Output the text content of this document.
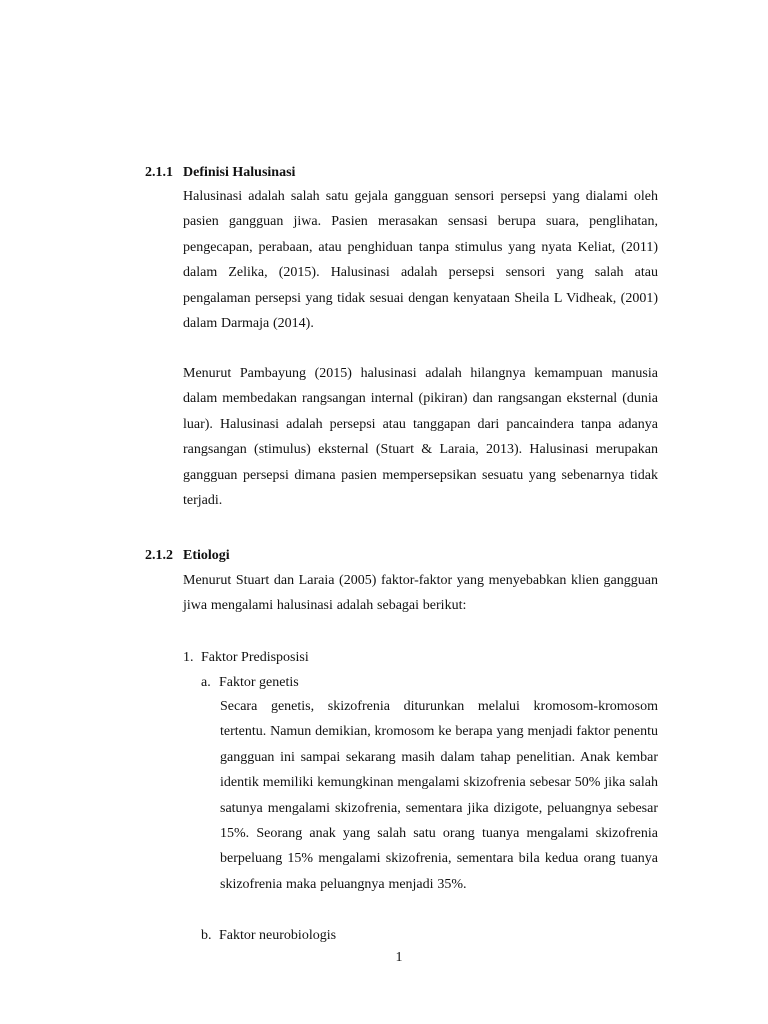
2.1.1 Definisi Halusinasi

Halusinasi adalah salah satu gejala gangguan sensori persepsi yang dialami oleh pasien gangguan jiwa. Pasien merasakan sensasi berupa suara, penglihatan, pengecapan, perabaan, atau penghiduan tanpa stimulus yang nyata Keliat, (2011) dalam Zelika, (2015). Halusinasi adalah persepsi sensori yang salah atau pengalaman persepsi yang tidak sesuai dengan kenyataan Sheila L Vidheak, (2001) dalam Darmaja (2014).

Menurut Pambayung (2015) halusinasi adalah hilangnya kemampuan manusia dalam membedakan rangsangan internal (pikiran) dan rangsangan eksternal (dunia luar). Halusinasi adalah persepsi atau tanggapan dari pancaindera tanpa adanya rangsangan (stimulus) eksternal (Stuart & Laraia, 2013). Halusinasi merupakan gangguan persepsi dimana pasien mempersepsikan sesuatu yang sebenarnya tidak terjadi.

2.1.2 Etiologi

Menurut Stuart dan Laraia (2005) faktor-faktor yang menyebabkan klien gangguan jiwa mengalami halusinasi adalah sebagai berikut:

1. Faktor Predisposisi
a. Faktor genetis

Secara genetis, skizofrenia diturunkan melalui kromosom-kromosom tertentu. Namun demikian, kromosom ke berapa yang menjadi faktor penentu gangguan ini sampai sekarang masih dalam tahap penelitian. Anak kembar identik memiliki kemungkinan mengalami skizofrenia sebesar 50% jika salah satunya mengalami skizofrenia, sementara jika dizigote, peluangnya sebesar 15%. Seorang anak yang salah satu orang tuanya mengalami skizofrenia berpeluang 15% mengalami skizofrenia, sementara bila kedua orang tuanya skizofrenia maka peluangnya menjadi 35%.

b. Faktor neurobiologis
1
